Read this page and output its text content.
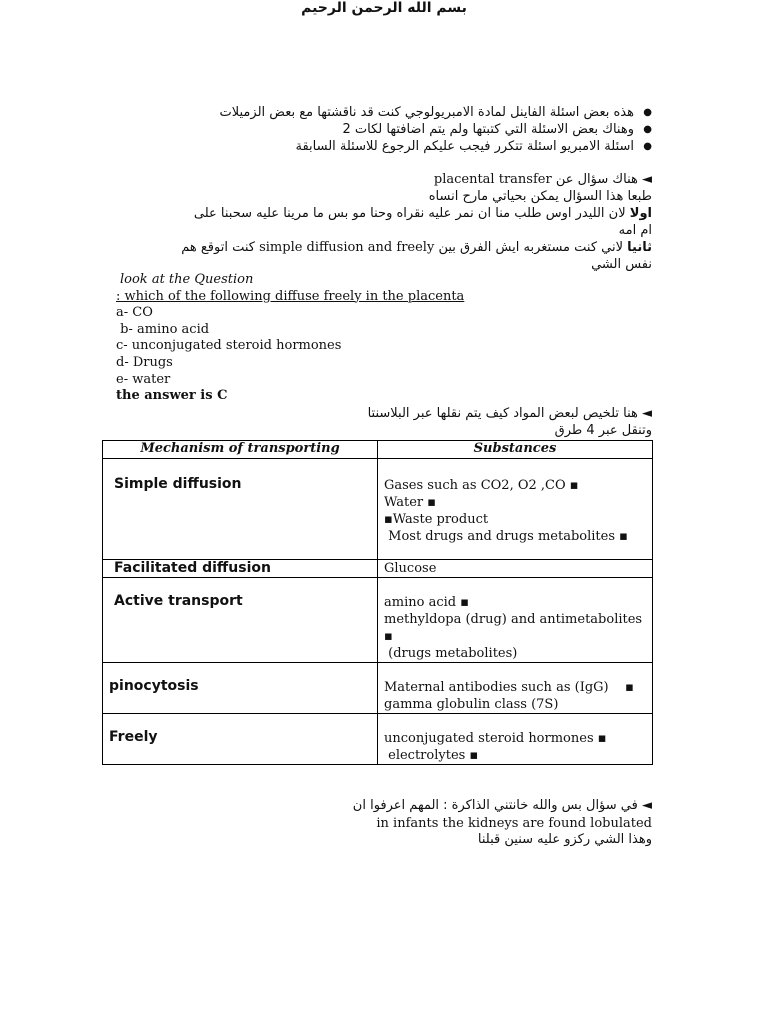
بسم الله الرحمن الرحيم
● هذه بعض اسئلة الفاينل لمادة الامبريولوجي كنت قد ناقشتها مع بعض الزميلات
● وهناك بعض الاسئلة التي كتبتها ولم يتم اضافتها لكات 2
● اسئلة الامبريو اسئلة تتكرر فيجب عليكم الرجوع للاسئلة السابقة
◄ هناك سؤال عن placental transfer
طبعا هذا السؤال يمكن بحياتي مارح انساه
اولا لان الليدر اوس طلب منا ان نمر عليه نقراه وحنا مو بس ما مرينا عليه سحبنا على
ام امه
ثانيا لاني كنت مستغربه ايش الفرق بين simple diffusion and freely كنت اتوقع هم
نفس الشي
look at the Question
: which of the following diffuse freely in the placenta
a- CO
b- amino acid
c- unconjugated steroid hormones
d- Drugs
e- water
the answer is C
◄ هنا تلخيص لبعض المواد كيف يتم نقلها عبر البلاسنتا
وتنقل عبر 4 طرق
Mechanism of transporting	Substances
Simple diffusion	Gases such as CO2, O2 ,CO ▪
Water ▪
▪Waste product
Most drugs and drugs metabolites ▪

Facilitated diffusion	Glucose

Active transport	amino acid ▪
methyldopa (drug) and antimetabolites ▪
(drugs metabolites)

pinocytosis	Maternal antibodies such as (IgG)    ▪
gamma globulin class (7S)

Freely	unconjugated steroid hormones ▪
electrolytes ▪
◄ في سؤال بس والله خانتني الذاكرة : المهم اعرفوا ان
in infants the kidneys are found lobulated
وهذا الشي ركزو عليه سنين قبلنا
